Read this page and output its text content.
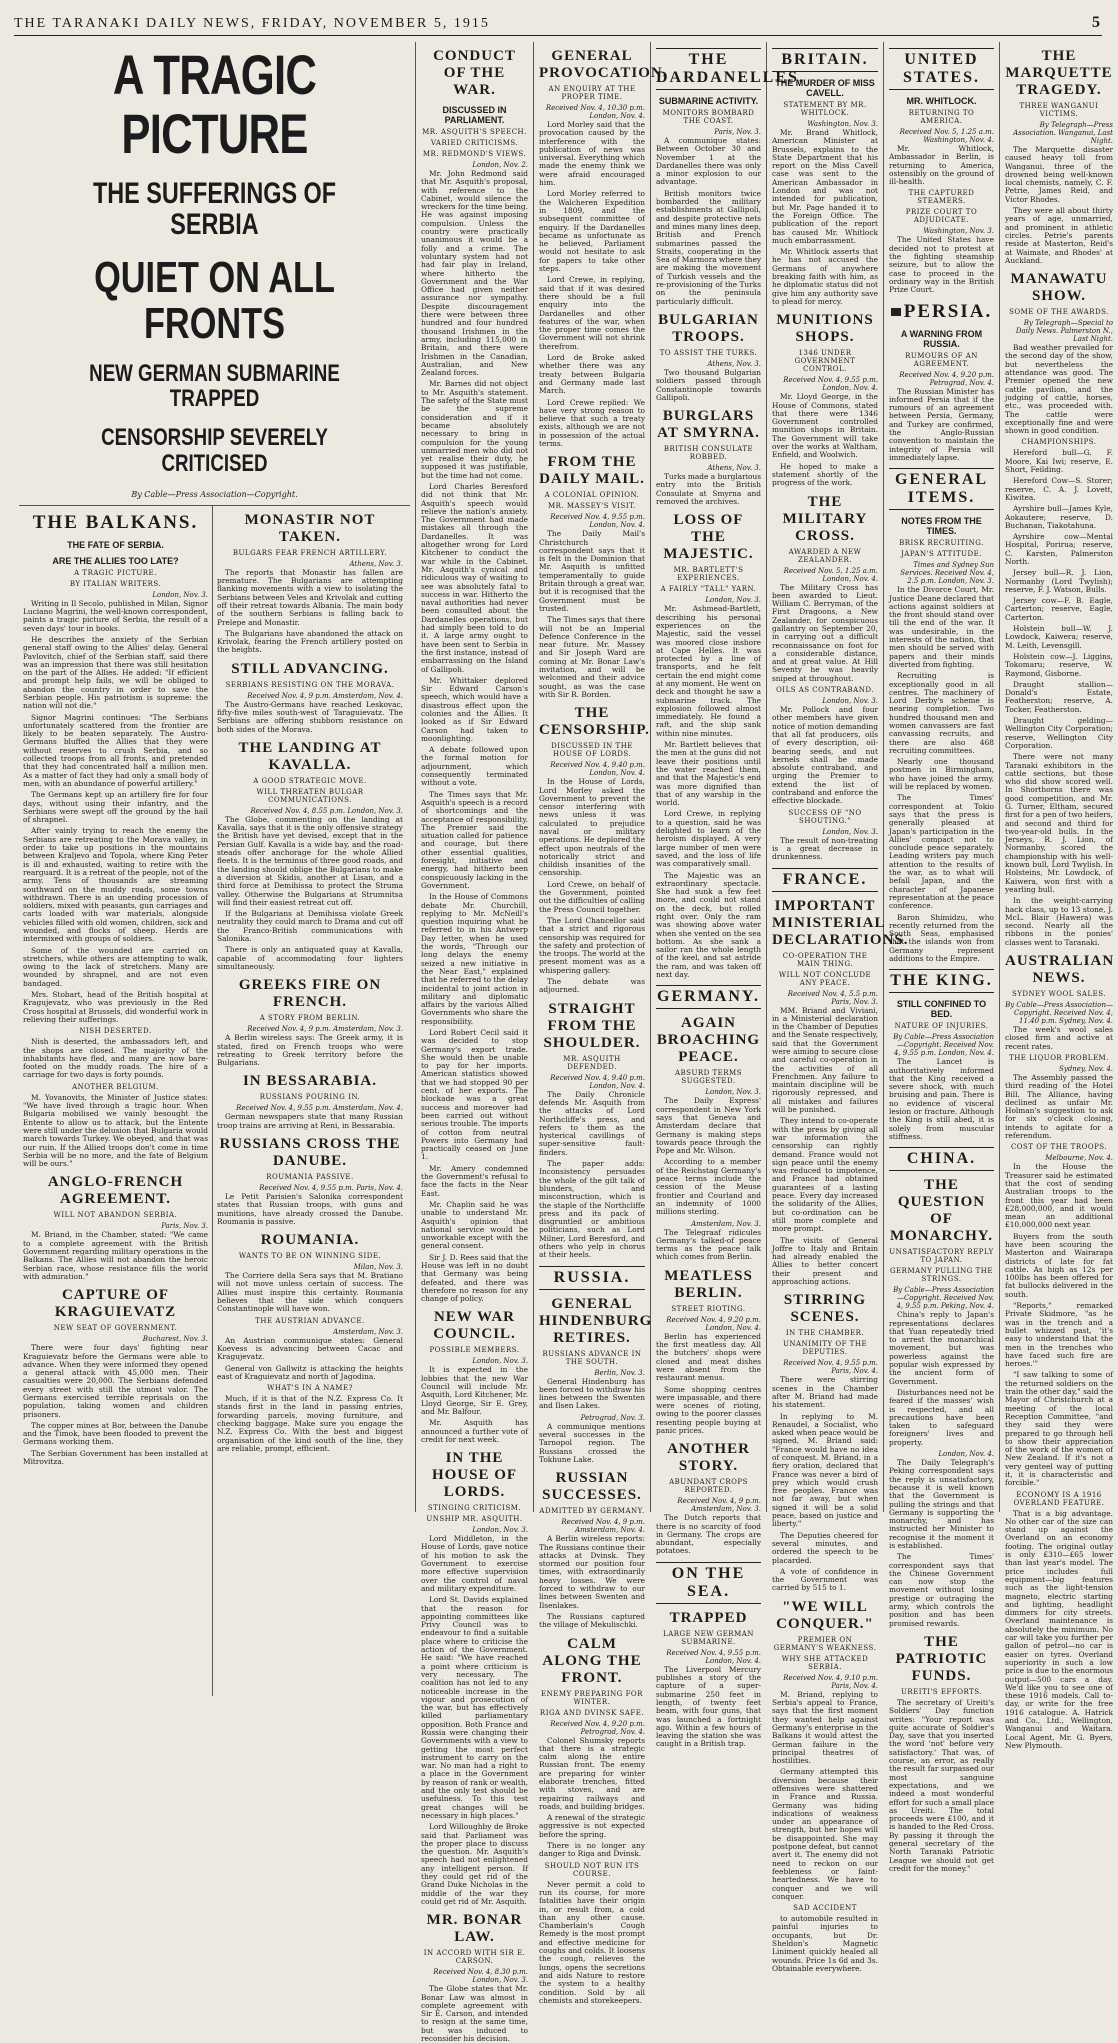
THE TARANAKI DAILY NEWS, FRIDAY, NOVEMBER 5, 1915	5
A TRAGIC PICTURE
THE SUFFERINGS OF SERBIA
QUIET ON ALL FRONTS
NEW GERMAN SUBMARINE TRAPPED
CENSORSHIP SEVERELY CRITICISED
By Cable—Press Association—Copyright.
THE BALKANS.
THE FATE OF SERBIA.
ARE THE ALLIES TOO LATE?
A TRAGIC PICTURE.
BY ITALIAN WRITERS.
London, Nov. 3.

Writing in Il Secolo, published in Milan, Signor Luciano Magrini, the well-known correspondent, paints a tragic picture of Serbia, the result of a seven days' tour in books.

He describes the anxiety of the Serbian general staff owing to the Allies' delay. General Pavlovitch, chief of the Serbian staff, said there was an impression that there was still hesitation on the part of the Allies. He added: "If efficient and prompt help fails, we will be obliged to abandon the country in order to save the Serbian people. His patriotism is supreme: the nation will not die."

Signor Magrini continues: "The Serbians unfortunately scattered from the frontier are likely to be beaten separately. The Austro-Germans bluffed the Allies that they were without reserves to crush Serbia, and so collected troops from all fronts, and pretended that they had concentrated half a million men. As a matter of fact they had only a small body of men, with an abundance of powerful artillery."

The Germans kept up an artillery fire for four days, without using their infantry, and the Serbians were swept off the ground by the hail of shrapnel.

After vainly trying to reach the enemy the Serbians are retreating to the Morava valley, in order to take up positions in the mountains between Kraljevo and Topola, where King Peter is ill and exhausted, waiting to retire with the rearguard. It is a retreat of the people, not of the army. Tens of thousands are streaming southward on the muddy roads, some towns withdrawn. There is an unending procession of soldiers, mixed with peasants, gun carriages and carts loaded with war materials, alongside vehicles filled with old women, children, sick and wounded, and flocks of sheep. Herds are intermixed with groups of soldiers.

Some of the wounded are carried on stretchers, while others are attempting to walk, owing to the lack of stretchers. Many are wounded by shrapnel, and are not even bandaged.

Mrs. Stobart, head of the British hospital at Kragujevatz, who was previously in the Red Cross hospital at Brussels, did wonderful work in relieving their sufferings.

NISH DESERTED.

Nish is deserted, the ambassadors left, and the shops are closed. The majority of the inhabitants have fled, and many are now bare-footed on the muddy roads. The hire of a carriage for two days is forty pounds.

ANOTHER BELGIUM.

M. Yovanovits, the Minister of Justice states: "We have lived through a tragic hour. When Bulgaria mobilised we vainly besought the Entente to allow us to attack, but the Entente were still under the delusion that Bulgaria would march towards Turkey. We obeyed, and that was our ruin. If the Allied troops don't come in time Serbia will be no more, and the fate of Belgium will be ours."

ANGLO-FRENCH AGREEMENT.
WILL NOT ABANDON SERBIA.
Paris, Nov. 3.

M. Briand, in the Chamber, stated: "We came to a complete agreement with the British Government regarding military operations in the Balkans. The Allies will not abandon the heroic Serbian race, whose resistance fills the world with admiration."

CAPTURE OF KRAGUIEVATZ
NEW SEAT OF GOVERNMENT.
Bucharest, Nov. 3.

There were four days' fighting near Kraguievatz before the Germans were able to advance. When they were informed they opened a general attack with 45,000 men. Their casualties were 20,000. The Serbians defended every street with still the utmost valor. The Germans exercised terrible reprisals on the population, taking women and children prisoners.

The copper mines at Bor, between the Danube and the Timok, have been flooded to prevent the Germans working them.

The Serbian Government has been installed at Mitrovitza.

MONASTIR NOT TAKEN.
BULGARS FEAR FRENCH ARTILLERY.
Athens, Nov. 3.

The reports that Monastir has fallen are premature. The Bulgarians are attempting flanking movements with a view to isolating the Serbians between Veles and Krivolak and cutting off their retreat towards Albania. The main body of the southern Serbians is falling back to Prelepe and Monastir.

The Bulgarians have abandoned the attack on Krivolak, fearing the French artillery posted on the heights.

STILL ADVANCING.
SERBIANS RESISTING ON THE MORAVA.
Received Nov. 4, 9 p.m. Amsterdam, Nov. 4.

The Austro-Germans have reached Leskovac, fifty-five miles south-west of Taraguievatz. The Serbians are offering stubborn resistance on both sides of the Morava.

THE LANDING AT KAVALLA.
A GOOD STRATEGIC MOVE.
WILL THREATEN BULGAR COMMUNICATIONS.
Received Nov. 4, 8.55 p.m. London, Nov. 3.

The Globe, commenting on the landing at Kavalla, says that it is the only offensive strategy the British have yet devised, except that in the Persian Gulf. Kavalla is a wide bay, and the road-steads offer anchorage for the whole Allied fleets. It is the terminus of three good roads, and the landing should oblige the Bulgarians to make a diversion at Skidis, another at Lisan, and a third force at Demihissa to protect the Struma valley. Otherwise the Bulgarians at Strumnitsa will find their easiest retreat cut off.

If the Bulgarians at Demihissa violate Greek neutrality they could march to Drama and cut off the Franco-British communications with Salonika.

There is only an antiquated quay at Kavalla, capable of accommodating four lighters simultaneously.

GREEKS FIRE ON FRENCH.
A STORY FROM BERLIN.
Received Nov. 4, 9 p.m. Amsterdam, Nov. 3.

A Berlin wireless says: The Greek army, it is stated, fired on French troops who were retreating to Greek territory before the Bulgarians.

IN BESSARABIA.
RUSSIANS POURING IN.
Received Nov. 4, 9.55 p.m. Amsterdam, Nov. 4.

German newspapers state that many Russian troop trains are arriving at Reni, in Bessarabia.

RUSSIANS CROSS THE DANUBE.
ROUMANIA PASSIVE.
Received Nov. 4, 9.55 p.m. Paris, Nov. 4.

Le Petit Parisien's Salonika correspondent states that Russian troops, with guns and munitions, have already crossed the Danube. Roumania is passive.

ROUMANIA.
WANTS TO BE ON WINNING SIDE.
Milan, Nov. 3.

The Corriere della Sera says that M. Bratiano will not move unless certain of success. The Allies must inspire this certainty. Roumania believes that the side which conquers Constantinople will have won.

THE AUSTRIAN ADVANCE.
Amsterdam, Nov. 3.

An Austrian communique states: General Koevess is advancing between Cacac and Kragujevatz.

General von Gallwitz is attacking the heights east of Kraguievatz and north of Jagodina.

WHAT'S IN A NAME?

Much, if it is that of the N.Z. Express Co. It stands first in the land in passing entries, forwarding parcels, moving furniture, and checking baggage. Make sure you engage the N.Z. Express Co. With the best and biggest organisation of the kind south of the line, they are reliable, prompt, efficient.

CONDUCT OF THE WAR.
DISCUSSED IN PARLIAMENT.
MR. ASQUITH'S SPEECH.
VARIED CRITICISMS.
MR. REDMOND'S VIEWS.
London, Nov. 2.

Mr. John Redmond said that Mr. Asquith's proposal, with reference to the Cabinet, would silence the wreckers for the time being. He was against imposing compulsion. Unless the country were practically unanimous it would be a folly and a crime. The voluntary system had not had fair play in Ireland, where hitherto the Government and the War Office had given neither assurance nor sympathy. Despite discouragement there were between three hundred and four hundred thousand Irishmen in the army, including 115,000 in Britain, and there were Irishmen in the Canadian, Australian, and New Zealand forces.

Mr. Barnes did not object to Mr. Asquith's statement. The safety of the State must be the supreme consideration and if it became absolutely necessary to bring in compulsion for the young unmarried men who did not yet realise their duty, he supposed it was justifiable, but the time had not come.

Lord Charles Beresford did not think that Mr. Asquith's speech would relieve the nation's anxiety. The Government had made mistakes all through the Dardanelles. It was altogether wrong for Lord Kitchener to conduct the war while in the Cabinet. Mr. Asquith's cynical and ridiculous way of waiting to see was absolutely fatal to success in war. Hitherto the naval authorities had never been consulted about the Dardanelles operations, but had simply been told to do it. A large army ought to have been sent to Serbia in the first instance, instead of embarrassing on the Island of Gallipoli.

Mr. Whittaker deplored Sir Edward Carson's speech, which would have a disastrous effect upon the colonies and the Allies. It looked as if Sir Edward Carson had taken to moonlighting.

A debate followed upon the formal motion for adjournment, which consequently terminated without a vote.

The Times says that Mr. Asquith's speech is a record of shortcomings and the acceptance of responsibility. The Premier said the situation called for patience and courage, but there other essential qualities, foresight, initiative and energy, had hitherto been conspicuously lacking in the Government.

In the House of Commons debate Mr. Churchill, replying to Mr. McNeill's question inquiring what he referred to in his Antwerp Day letter, when he used the words, "Through our long delays the enemy seized a new initiative in the Near East," explained that he referred to the delay incidental to joint action in military and diplomatic affairs by the various Allied Governments who share the responsibility.

Lord Robert Cecil said it was decided to stop Germany's export trade. She would then be unable to pay for her imports. American statistics showed that we had stopped 90 per cent. of her exports. The blockade was a great success and moreover had been carried out without serious trouble. The imports of cotton from neutral Powers into Germany had practically ceased on June 1.

Mr. Amery condemned the Government's refusal to face the facts in the Near East.

Mr. Chaplin said he was unable to understand Mr. Asquith's opinion that national service would be unworkable except with the general consent.

Sir J. D. Rees said that the House was left in no doubt that Germany was being defeated, and there was therefore no reason for any change of policy.

NEW WAR COUNCIL.
POSSIBLE MEMBERS.
London, Nov. 3.

It is expected in the lobbies that the new War Council will include Mr. Asquith, Lord Kitchener, Mr. Lloyd George, Sir E. Grey, and Mr. Balfour.

Mr. Asquith has announced a further vote of credit for next week.

IN THE HOUSE OF LORDS.
STINGING CRITICISM.
UNSHIP MR. ASQUITH.
London, Nov. 3.

Lord Middleton, in the House of Lords, gave notice of his motion to ask the Government to exercise more effective supervision over the control of naval and military expenditure.

Lord St. Davids explained that the reason for appointing committees like Privy Council was to endeavour to find a suitable place where to criticise the action of the Government. He said: "We have reached a point where criticism is very necessary. The coalition has not led to any noticeable increase in the vigour and prosecution of the war, but has effectively killed parliamentary opposition. Both France and Russia were changing their Governments with a view to getting the most perfect instrument to carry on the war. No man had a right to a place in the Government by reason of rank or wealth, and the only test should be usefulness. To this test great changes will be necessary in high places."

Lord Willoughby de Broke said that Parliament was the proper place to discuss the question. Mr. Asquith's speech had not enlightened any intelligent person. If they could get rid of the Grand Duke Nicholas in the middle of the war they could get rid of Mr. Asquith.

MR. BONAR LAW.
IN ACCORD WITH SIR E. CARSON.
Received Nov. 4, 8.30 p.m. London, Nov. 3.

The Globe states that Mr. Bonar Law was almost in complete agreement with Sir E. Carson, and intended to resign at the same time, but was induced to reconsider his decision.

GENERAL PROVOCATION.
AN ENQUIRY AT THE PROPER TIME.
Received Nov. 4, 10.30 p.m. London, Nov. 4.

Lord Morley said that the provocation caused by the interference with the publication of news was universal. Everything which made the enemy think we were afraid encouraged him.

Lord Morley referred to the Walcheren Expedition in 1809, and the subsequent committee of enquiry. If the Dardanelles became as unfortunate as he believed, Parliament would not hesitate to ask for papers to take other steps.

Lord Crewe, in replying, said that if it was desired there should be a full enquiry into the Dardanelles and other features of the war, when the proper time comes the Government will not shrink therefrom.

Lord de Broke asked whether there was any treaty between Bulgaria and Germany made last March.

Lord Crewe replied: We have very strong reason to believe that such a treaty exists, although we are not in possession of the actual terms.

FROM THE DAILY MAIL.
A COLONIAL OPINION.
MR. MASSEY'S VISIT.
Received Nov. 4, 9.55 p.m. London, Nov. 4.

The Daily Mail's Christchurch correspondent says that it is felt in the Dominion that Mr. Asquith is unfitted temperamentally to guide Britain through a great war, but it is recognised that the Government must be trusted.

The Times says that there will not be an Imperial Defence Conference in the near future. Mr. Massey and Sir Joseph Ward are coming at Mr. Bonar Law's invitation, and will be welcomed and their advice sought, as was the case with Sir R. Borden.

THE CENSORSHIP.
DISCUSSED IN THE HOUSE OF LORDS.
Received Nov. 4, 9.40 p.m. London, Nov. 4.

In the House of Lords, Lord Morley asked the Government to prevent the censor interfering with news unless it was calculated to prejudice naval or military operations. He deplored the effect upon neutrals of the notorically strict and childish insanities of the censorship.

Lord Crewe, on behalf of the Government, pointed out the difficulties of calling the Press Council together.

The Lord Chancellor said that a strict and rigorous censorship was required for the safety and protection of the troops. The world at the present moment was as a whispering gallery.

The debate was adjourned.

STRAIGHT FROM THE SHOULDER.
MR. ASQUITH DEFENDED.
Received Nov. 4, 9.40 p.m. London, Nov. 4.

The Daily Chronicle defends Mr. Asquith from the attacks of Lord Northcliffe's press, and refers to them as the hysterical cavillings of super-sensitive fault-finders.

The paper adds: Inconsistency persuades the whole of the gilt talk of blunders, and misconstruction, which is the staple of the Northcliffe press and its pack of disgruntled or ambitious politicians, such as Lord Milner, Lord Beresford, and others who yelp in chorus at their heels.

RUSSIA.
GENERAL HINDENBURG RETIRES.
RUSSIANS ADVANCE IN THE SOUTH.
Berlin, Nov. 3.

General Hindenburg has been forced to withdraw his lines between the Swenten and Ilsen Lakes.

Petrograd, Nov. 3.

A communique mentions several successes in the Tarnopol region. The Russians crossed the Tokhune Lake.

RUSSIAN SUCCESSES.
ADMITTED BY GERMANY.
Received Nov. 4, 9 p.m. Amsterdam, Nov. 4.

A Berlin wireless reports: The Russians continue their attacks at Dvinsk. They stormed our position four times, with extraordinarily heavy losses. We were forced to withdraw to our lines between Swenten and Ilsenlakes.

The Russians captured the village of Mekulischki.

CALM ALONG THE FRONT.
ENEMY PREPARING FOR WINTER.
RIGA AND DVINSK SAFE.
Received Nov. 4, 9.20 p.m. Petrograd, Nov. 4.

Colonel Shumsky reports that there is a strategic calm along the entire Russian front. The enemy are preparing for winter elaborate trenches, fitted with stoves, and are repairing railways and roads, and building bridges.

A renewal of the strategic aggressive is not expected before the spring.

There is no longer any danger to Riga and Dvinsk.

SHOULD NOT RUN ITS COURSE.

Never permit a cold to run its course, for more fatalities have their origin in, or result from, a cold than any other cause. Chamberlain's Cough Remedy is the most prompt and effective medicine for coughs and colds. It loosens the cough, relieves the lungs, opens the secretions and aids Nature to restore the system to a healthy condition. Sold by all chemists and storekeepers.

THE DARDANELLES.
SUBMARINE ACTIVITY.
MONITORS BOMBARD THE COAST.
Paris, Nov. 3.

A communique states: Between October 30 and November 1 at the Dardanelles there was only a minor explosion to our advantage.

British monitors twice bombarded the military establishments at Gallipoli, and despite protective nets and mines many lines deep, British and French submarines passed the Straits, cooperating in the Sea of Marmora where they are making the movement of Turkish vessels and the re-provisioning of the Turks on the peninsula particularly difficult.

BULGARIAN TROOPS.
TO ASSIST THE TURKS.
Athens, Nov. 3.

Two thousand Bulgarian soldiers passed through Constantinople towards Gallipoli.

BURGLARS AT SMYRNA.
BRITISH CONSULATE ROBBED.
Athens, Nov. 3.

Turks made a burglarious entry into the British Consulate at Smyrna and removed the archives.

LOSS OF THE MAJESTIC.
MR. BARTLETT'S EXPERIENCES.
A FAIRLY "TALL" YARN.
London, Nov. 3.

Mr. Ashmead-Bartlett, describing his personal experiences on the Majestic, said the vessel was moored close inshore at Cape Helles. It was protected by a line of transports, and he felt certain the end might come at any moment. He went on deck and thought he saw a submarine track. The explosion followed almost immediately. He found a raft, and the ship sank within nine minutes.

Mr. Bartlett believes that the men at the guns did not leave their positions until the water reached them, and that the Majestic's end was more dignified than that of any warship in the world.

Lord Crewe, in replying to a question, said he was delighted to learn of the heroism displayed. A very large number of men were saved, and the loss of life was comparatively small.

The Majestic was an extraordinary spectacle. She had sunk a few feet more, and could not stand on the deck, but rolled right over. Only the ram was showing above water when she vented on the sea bottom. As she sank a sailor ran the whole length of the keel, and sat astride the ram, and was taken off next day.

GERMANY.
AGAIN BROACHING PEACE.
ABSURD TERMS SUGGESTED.
London, Nov. 3.

The Daily Express' correspondent in New York says that Geneva and Amsterdam declare that Germany is making steps towards peace through the Pope and Mr. Wilson.

According to a member of the Reichstag Germany's peace terms include the cession of the Meuse frontier and Courland and an indemnity of 1000 millions sterling.

Amsterdam, Nov. 3.

The Telegraaf ridicules Germany's talked-of peace terms as the peace talk which comes from Berlin.

MEATLESS BERLIN.
STREET RIOTING.
Received Nov. 4, 9.20 p.m. London, Nov. 4.

Berlin has experienced the first meatless day. All the butchers' shops were closed and meat dishes were absent from the restaurant menus.

Some shopping centres were impassable, and there were scenes of rioting, owing to the poorer classes resenting people buying at panic prices.

ANOTHER STORY.
ABUNDANT CROPS REPORTED.
Received Nov. 4, 9 p.m. Amsterdam, Nov. 3.

The Dutch reports that there is no scarcity of food in Germany. The crops are abundant, especially potatoes.

ON THE SEA.
TRAPPED
LARGE NEW GERMAN SUBMARINE.
Received Nov. 4, 9.55 p.m. London, Nov. 4.

The Liverpool Mercury publishes a story of the capture of a super-submarine 250 feet in length, of twenty feet beam, with four guns, that was launched a fortnight ago. Within a few hours of leaving the station she was caught in a British trap.

BRITAIN.
THE MURDER OF MISS CAVELL.
STATEMENT BY MR. WHITLOCK.
Washington, Nov. 3.

Mr. Brand Whitlock, American Minister at Brussels, explains to the State Department that his report on the Miss Cavell case was sent to the American Ambassador in London and was not intended for publication, but Mr. Page handed it to the Foreign Office. The publication of the report has caused Mr. Whitlock much embarrassment.

Mr. Whitlock asserts that he has not accused the Germans of anywhere breaking faith with him, as he diplomatic status did not give him any authority save to plead for mercy.

MUNITIONS SHOPS.
1346 UNDER GOVERNMENT CONTROL.
Received Nov. 4, 9.55 p.m. London, Nov. 4.

Mr. Lloyd George, in the House of Commons, stated that there were 1346 Government controlled munition shops in Britain. The Government will take over the works at Waltham, Enfield, and Woolwich.

He hoped to make a statement shortly of the progress of the work.

THE MILITARY CROSS.
AWARDED A NEW ZEALANDER.
Received Nov. 5, 1.25 a.m. London, Nov. 4.

The Military Cross has been awarded to Lieut. William C. Berryman, of the First Dragoons, a New Zealander, for conspicuous gallantry on September 20, in carrying out a difficult reconnaissance on foot for a considerable distance, and at great value. At Hill Seventy he was heavily sniped at throughout.

OILS AS CONTRABAND.
London, Nov. 3.

Mr. Pollock and four other members have given notice of motion demanding that all fat producers, oils of every description, oil-bearing seeds, and nut kernels shall be made absolute contraband, and urging the Premier to extend the list of contraband and enforce the effective blockade.

SUCCESS OF "NO SHOUTING."
London, Nov. 3.

The result of non-treating is a great decrease in drunkenness.

FRANCE.
IMPORTANT MINISTERIAL DECLARATIONS.
CO-OPERATION THE MAIN THING.
WILL NOT CONCLUDE ANY PEACE.
Received Nov. 4, 5.5 p.m. Paris, Nov. 3.

MM. Briand and Viviani, in a Ministerial declaration in the Chamber of Deputies and the Senate respectively, said that the Government were aiming to secure close and careful co-operation in the activities of all Frenchmen. Any failure to maintain discipline will be rigorously repressed, and all mistakes and failures will be punished.

They intend to co-operate with the press by giving all war information the censorship can rightly demand. France would not sign peace until the enemy was reduced to impotence, and France had obtained guarantees of a lasting peace. Every day increased the solidarity of the Allies, but co-ordination can be still more complete and more prompt.

The visits of General Joffre to Italy and Britain had already enabled the Allies to better concert their present and approaching actions.

STIRRING SCENES.
IN THE CHAMBER.
UNANIMITY OF THE DEPUTIES.
Received Nov. 4, 9.55 p.m. Paris, Nov. 4.

There were stirring scenes in the Chamber after M. Briand had made his statement.

In replying to M. Renaudel, a Socialist, who asked when peace would be signed, M. Briand said: "France would have no idea of conquest. M. Briand, in a fiery oration, declared that France was never a bird of prey which would crush free peoples. France was not far away, but when signed it will be a solid peace, based on justice and liberty."

The Deputies cheered for several minutes, and ordered the speech to be placarded.

A vote of confidence in the Government was carried by 515 to 1.

"WE WILL CONQUER."
PREMIER ON GERMANY'S WEAKNESS.
WHY SHE ATTACKED SERBIA.
Received Nov. 4, 9.10 p.m. Paris, Nov. 4.

M. Briand, replying to Serbia's appeal to France, says that the first moment they wanted help against Germany's enterprise in the Balkans it would attest the German failure in the principal theatres of hostilities.

Germany attempted this diversion because their offensives were shattered in France and Russia. Germany was hiding indications of weakness under an appearance of strength, but her hopes will be disappointed. She may postpone defeat, but cannot avert it. The enemy did not need to reckon on our feebleness or faint-heartedness. We have to conquer and we will conquer.

SAD ACCIDENT

to automobile resulted in painful injuries to occupants, but Dr. Sheldon's Magnetic Liniment quickly healed all wounds. Price 1s 6d and 3s. Obtainable everywhere.

UNITED STATES.
MR. WHITLOCK.
RETURNING TO AMERICA.
Received Nov. 5, 1.25 a.m. Washington, Nov. 4.

Mr. Whitlock, Ambassador in Berlin, is returning to America, ostensibly on the ground of ill-health.

THE CAPTURED STEAMERS.
PRIZE COURT TO ADJUDICATE.
Washington, Nov. 3.

The United States have decided not to protest at the fighting steamship seizure, but to allow the case to proceed in the ordinary way in the British Prize Court.

PERSIA.
A WARNING FROM RUSSIA.
RUMOURS OF AN AGREEMENT.
Received Nov. 4, 9.20 p.m. Petrograd, Nov. 4.

The Russian Minister has informed Persia that if the rumours of an agreement between Persia, Germany, and Turkey are confirmed, the Anglo-Russian convention to maintain the integrity of Persia will immediately lapse.

GENERAL ITEMS.
NOTES FROM THE TIMES.
BRISK RECRUITING.
JAPAN'S ATTITUDE.
Times and Sydney Sun Services. Received Nov. 4, 2.5 p.m. London, Nov. 3.

In the Divorce Court, Mr. Justice Deane declared that actions against soldiers at the front should stand over till the end of the war. It was undesirable, in the interests of the nation, that men should be served with papers and their minds diverted from fighting.

Recruiting is exceptionally good in all centres. The machinery of Lord Derby's scheme is nearing completion. Two hundred thousand men and women canvassers are fast canvassing recruits, and there are also 468 recruiting committees.

Nearly one thousand postmen in Birmingham, who have joined the army, will be replaced by women.

The Times' correspondent at Tokio says that the press is generally pleased at Japan's participation in the Allies' compact not to conclude peace separately. Leading writers pay much attention to the results of the war, as to what will befall Japan, and the character of Japanese representation at the peace conference.

Baron Shimidzu, who recently returned from the South Seas, emphasised that the islands won from Germany represent additions to the Empire.

THE KING.
STILL CONFINED TO BED.
NATURE OF INJURIES.
By Cable—Press Association—Copyright. Received Nov. 4, 9.55 p.m. London, Nov. 4.

The Lancet is authoritatively informed that the King received a severe shock, with much bruising and pain. There is no evidence of visceral lesion or fracture. Although the King is still abed, it is solely from muscular stiffness.

CHINA.
THE QUESTION OF MONARCHY.
UNSATISFACTORY REPLY TO JAPAN.
GERMANY PULLING THE STRINGS.
By Cable—Press Association—Copyright. Received Nov. 4, 9.55 p.m. Peking, Nov. 4.

China's reply to Japan's representations declares that Yuan repeatedly tried to arrest the monarchical movement, but was powerless against the popular wish expressed by the ancient form of Government.

Disturbances need not be feared if the masses' wish is respected, and all precautions have been taken to safeguard foreigners' lives and property.

London, Nov. 4.

The Daily Telegraph's Peking correspondent says the reply is unsatisfactory, because it is well known that the Government is pulling the strings and that Germany is supporting the monarchy, and has instructed her Minister to recognise it the moment it is established.

The Times' correspondent says that the Chinese Government can now stop the movement without losing prestige or outraging the army, which controls the position and has been promised rewards.

THE PATRIOTIC FUNDS.
UREITI'S EFFORTS.

The secretary of Ureiti's Soldiers' Day function writes: "Your report was quite accurate of Soldier's Day, save that you inserted the word 'not' before very satisfactory.' That was, of course, an error, as really the result far surpassed our most sanguine expectations, and we indeed a most wonderful effort for such a small place as Ureiti. The total proceeds were £100, and it is handed to the Red Cross. By passing it through the general secretary of the North Taranaki Patriotic League we should not get credit for the money."

THE MARQUETTE TRAGEDY.
THREE WANGANUI VICTIMS.
By Telegraph—Press Association. Wanganui, Last Night.

The Marquette disaster caused heavy toll from Wanganui, three of the drowned being well-known local chemists, namely, C. F. Petrie, James Reid, and Victor Rhodes.

They were all about thirty years of age, unmarried, and prominent in athletic circles. Petrie's parents reside at Masterton, Reid's at Waimate, and Rhodes' at Auckland.

MANAWATU SHOW.
SOME OF THE AWARDS.
By Telegraph—Special to Daily News. Palmerston N., Last Night.

Bad weather prevailed for the second day of the show, but nevertheless the attendance was good. The Premier opened the new cattle pavilion, and the judging of cattle, horses, etc., was proceeded with. The cattle were exceptionally fine and were shown in good condition.

CHAMPIONSHIPS.

Hereford bull—G. F. Moore, Kai Iwi; reserve, E. Short, Feilding.

Hereford Cow—S. Storer; reserve, C. A. J. Lovett, Kiwitea.

Ayrshire bull—James Kyle, Aokautere; reserve, D. Buchanan, Tiakotahuna.

Ayrshire cow—Mental Hospital, Porirua; reserve, C. Karsten, Palmerston North.

Jersey bull—R. J. Lion, Normanby (Lord Twylish); reserve, F. J. Watson, Bulls.

Jersey cow—F. B. Eagle, Carterton; reserve, Eagle, Carterton.

Holstein bull—W. J. Lowdock, Kaiwera; reserve, M. Leith, Levensgill.

Holstein cow—J. Liggins, Tokomaru; reserve, W. Raymond, Gisborne.

Draught stallion—Donald's Estate, Featherston; reserve, A. Tocker, Featherston.

Draught gelding—Wellington City Corporation; reserve, Wellington City Corporation.

There were not many Taranaki exhibitors in the cattle sections, but those who did show scored well. In Shorthorns there was good competition, and Mr. G. Turner, Eltham, secured first for a pen of two heifers, and second and third for two-year-old bulls. In the Jerseys, R. J. Lion, of Normanby, scored the championship with his well-known bull, Lord Twylish. In Holsteins, Mr. Lowdock, of Kaiwera, won first with a yearling bull.

In the weight-carrying hack class, up to 13 stone, J. McL. Blair (Hawera) was second. Nearly all the ribbons in the ponies' classes went to Taranaki.

AUSTRALIAN NEWS.
SYDNEY WOOL SALES.
By Cable—Press Association—Copyright. Received Nov. 4, 11.40 p.m. Sydney, Nov. 4.

The week's wool sales closed firm and active at recent rates.

THE LIQUOR PROBLEM.
Sydney, Nov. 4.

The Assembly passed the third reading of the Hotel Bill. The Alliance, having declined as unfair Mr. Holman's suggestion to ask for six o'clock closing, intends to agitate for a referendum.

COST OF THE TROOPS.
Melbourne, Nov. 4.

In the House the Treasurer said he estimated that the cost of sending Australian troops to the front this year had been £28,000,000, and it would mean an additional £10,000,000 next year.

Buyers from the south have been scouring the Masterton and Wairarapa districts of late for fat cattle. As high as 12s per 100lbs has been offered for fat bullocks delivered in the south.

"Reports," remarked Private Skidmore, "as he was in the trench and a bullet whizzed past, 'it's easy to understand that the men in the trenches who have faced such fire are heroes.'"

"I saw talking to some of the returned soldiers on the train the other day," said the Mayor of Christchurch at a meeting of the local Reception Committee, "and they said they were prepared to go through hell to show their appreciation of the work of the women of New Zealand. If it's not a very genteel way of putting it, it is characteristic and forcible."

ECONOMY IS A 1916 OVERLAND FEATURE.

That is a big advantage. No other car of the size can stand up against the Overland on an economy footing. The original outlay is only £310—£65 lower than last year's model. The price includes full equipment—big features such as the light-tension magneto, electric starting and lighting, headlight dimmers for city streets. Overland maintenance is absolutely the minimum. No car will take you further per gallon of petrol—no car is easier on tyres. Overland superiority in such a low price is due to the enormous output—500 cars a day. We'd like you to see one of these 1916 models. Call to-day, or write for the free 1916 catalogue. A. Hatrick and Co., Ltd., Wellington, Wanganui and Waitara. Local Agent, Mr. G. Byers, New Plymouth.
